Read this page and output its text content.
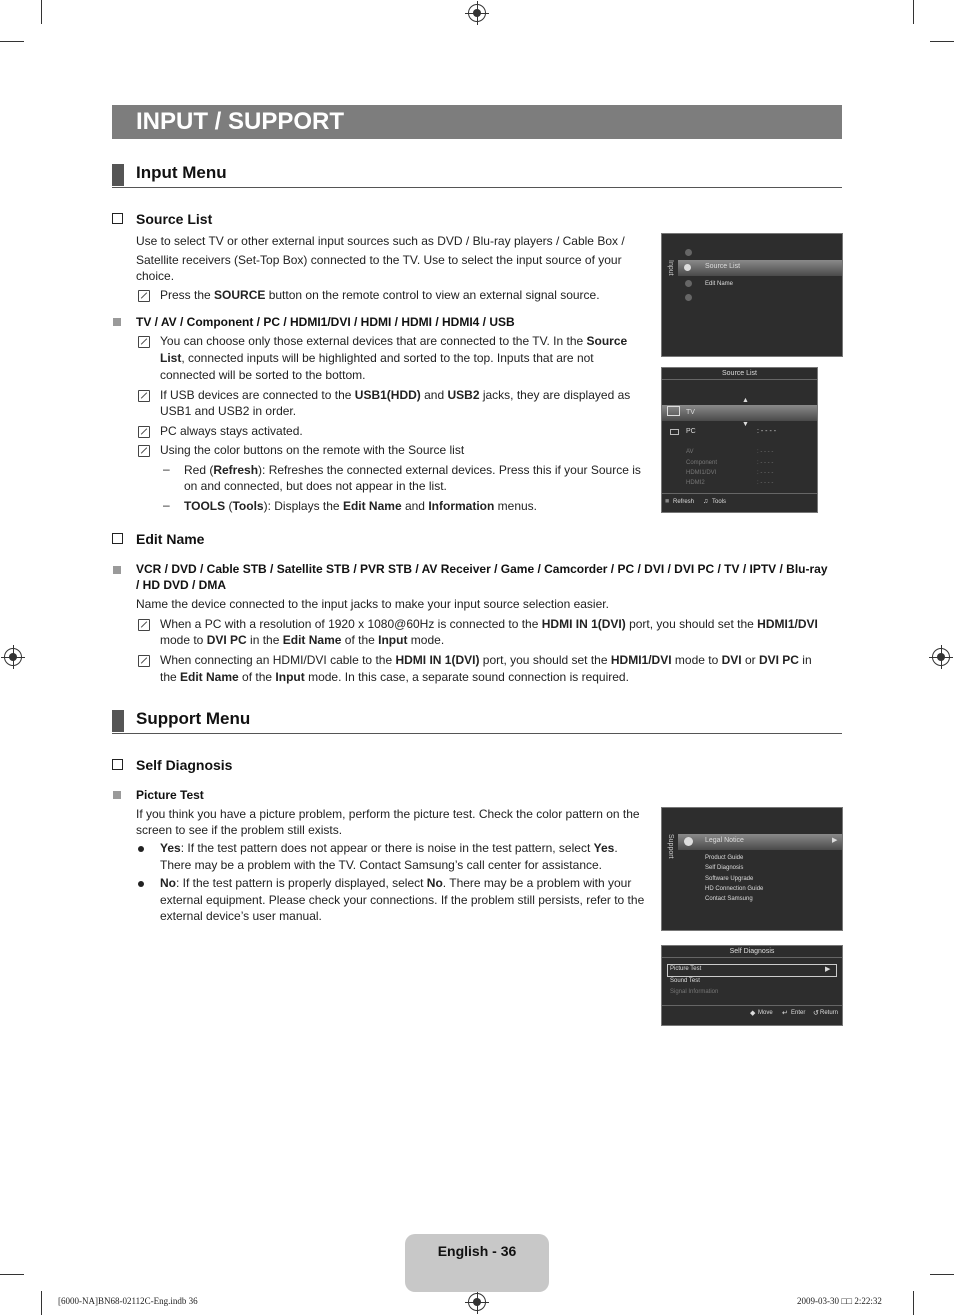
INPUT / SUPPORT
Input Menu
Source List
Use to select TV or other external input sources such as DVD / Blu-ray players / Cable Box /
Satellite receivers (Set-Top Box) connected to the TV. Use to select the input source of your
choice.
Press the SOURCE button on the remote control to view an external signal source.
TV / AV / Component / PC / HDMI1/DVI / HDMI / HDMI / HDMI4 / USB
You can choose only those external devices that are connected to the TV. In the Source
List, connected inputs will be highlighted and sorted to the top. Inputs that are not
connected will be sorted to the bottom.
If USB devices are connected to the USB1(HDD) and USB2 jacks, they are displayed as
USB1 and USB2 in order.
PC always stays activated.
Using the color buttons on the remote with the Source list
– Red (Refresh): Refreshes the connected external devices. Press this if your Source is
on and connected, but does not appear in the list.
– TOOLS (Tools): Displays the Edit Name and Information menus.
Edit Name
VCR / DVD / Cable STB / Satellite STB / PVR STB / AV Receiver / Game / Camcorder / PC / DVI / DVI PC / TV / IPTV / Blu-ray
/ HD DVD / DMA
Name the device connected to the input jacks to make your input source selection easier.
When a PC with a resolution of 1920 x 1080@60Hz is connected to the HDMI IN 1(DVI) port, you should set the HDMI1/DVI
mode to DVI PC in the Edit Name of the Input mode.
When connecting an HDMI/DVI cable to the HDMI IN 1(DVI) port, you should set the HDMI1/DVI mode to DVI or DVI PC in
the Edit Name of the Input mode. In this case, a separate sound connection is required.
Support Menu
Self Diagnosis
Picture Test
If you think you have a picture problem, perform the picture test. Check the color pattern on the
screen to see if the problem still exists.
Yes: If the test pattern does not appear or there is noise in the test pattern, select Yes.
There may be a problem with the TV. Contact Samsung’s call center for assistance.
No: If the test pattern is properly displayed, select No. There may be a problem with your
external equipment. Please check your connections. If the problem still persists, refer to the
external device’s user manual.
Input	Source List
Edit Name
Source List
▲
TV
▼
PC	: - - - -
AV	: - - - -
Component	: - - - -
HDMI1/DVI	: - - - -
HDMI2	: - - - -
■ Refresh ♫ Tools
Support	Legal Notice	▶
Product Guide
Self Diagnosis
Software Upgrade
HD Connection Guide
Contact Samsung
Self Diagnosis
Picture Test	▶
Sound Test
Signal Information
◆ Move ↵ Enter ↺ Return
English - 36
[6000-NA]BN68-02112C-Eng.indb 36	2009-03-30 □□ 2:22:32
